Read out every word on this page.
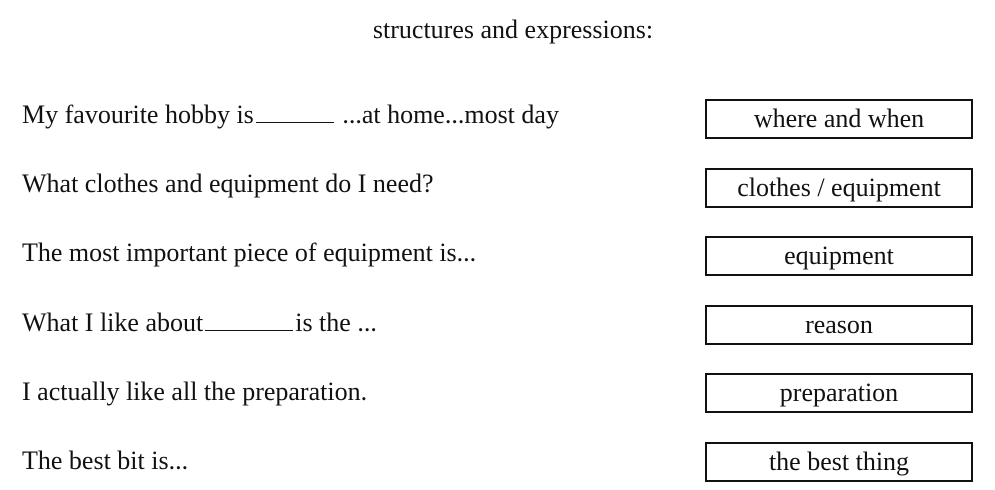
structures and expressions:
My favourite hobby is	...at home...most day	where and when
What clothes and equipment do I need?	clothes / equipment
The most important piece of equipment is...	equipment
What I like about	is the ...	reason
I actually like all the preparation.	preparation
The best bit is...	the best thing
